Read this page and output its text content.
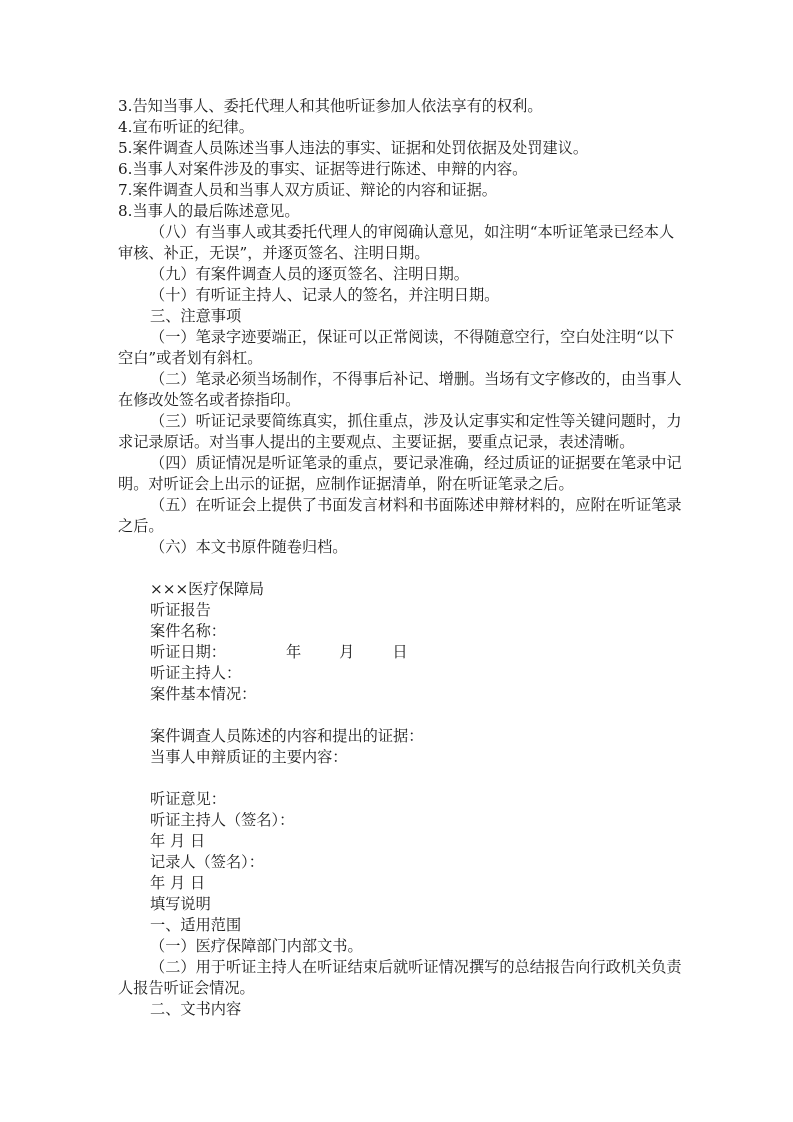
3.告知当事人、委托代理人和其他听证参加人依法享有的权利。

4.宣布听证的纪律。

5.案件调查人员陈述当事人违法的事实、证据和处罚依据及处罚建议。

6.当事人对案件涉及的事实、证据等进行陈述、申辩的内容。

7.案件调查人员和当事人双方质证、辩论的内容和证据。

8.当事人的最后陈述意见。

（八）有当事人或其委托代理人的审阅确认意见，如注明“本听证笔录已经本人审核、补正，无误”，并逐页签名、注明日期。

（九）有案件调查人员的逐页签名、注明日期。

（十）有听证主持人、记录人的签名，并注明日期。

三、注意事项

（一）笔录字迹要端正，保证可以正常阅读，不得随意空行，空白处注明“以下空白”或者划有斜杠。

（二）笔录必须当场制作，不得事后补记、增删。当场有文字修改的，由当事人在修改处签名或者捺指印。

（三）听证记录要简练真实，抓住重点，涉及认定事实和定性等关键问题时，力求记录原话。对当事人提出的主要观点、主要证据，要重点记录，表述清晰。

（四）质证情况是听证笔录的重点，要记录准确，经过质证的证据要在笔录中记明。对听证会上出示的证据，应制作证据清单，附在听证笔录之后。

（五）在听证会上提供了书面发言材料和书面陈述申辩材料的，应附在听证笔录之后。

（六）本文书原件随卷归档。

×××医疗保障局

听证报告

案件名称：

听证日期：	年	月	日

听证主持人：

案件基本情况：

案件调查人员陈述的内容和提出的证据：

当事人申辩质证的主要内容：

听证意见：

听证主持人（签名）：

年 月 日

记录人（签名）：

年 月 日

填写说明

一、适用范围

（一）医疗保障部门内部文书。

（二）用于听证主持人在听证结束后就听证情况撰写的总结报告向行政机关负责人报告听证会情况。

二、文书内容
